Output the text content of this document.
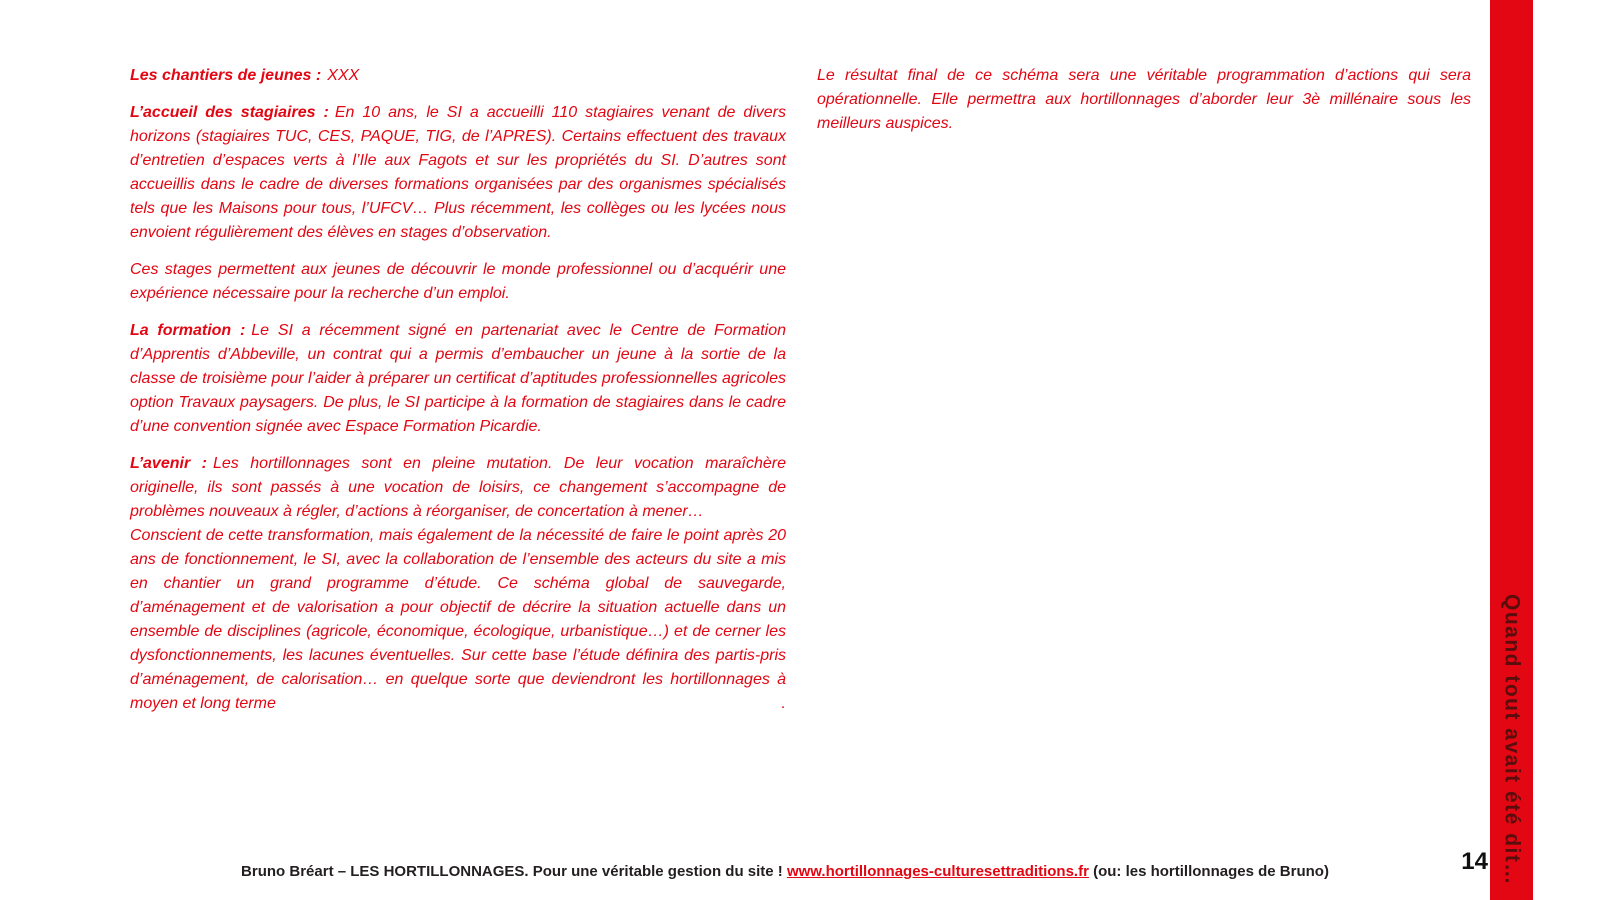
Les chantiers de jeunes : XXX

L’accueil des stagiaires : En 10 ans, le SI a accueilli 110 stagiaires venant de divers horizons (stagiaires TUC, CES, PAQUE, TIG, de l’APRES). Certains effectuent des travaux d’entretien d’espaces verts à l’Ile aux Fagots et sur les propriétés du SI. D’autres sont accueillis dans le cadre de diverses formations organisées par des organismes spécialisés tels que les Maisons pour tous, l’UFCV… Plus récemment, les collèges ou les lycées nous envoient régulièrement des élèves en stages d’observation.

Ces stages permettent aux jeunes de découvrir le monde professionnel ou d’acquérir une expérience nécessaire pour la recherche d’un emploi.

La formation : Le SI a récemment signé en partenariat avec le Centre de Formation d’Apprentis d’Abbeville, un contrat qui a permis d’embaucher un jeune à la sortie de la classe de troisième pour l’aider à préparer un certificat d’aptitudes professionnelles agricoles option Travaux paysagers. De plus, le SI participe à la formation de stagiaires dans le cadre d’une convention signée avec Espace Formation Picardie.

L’avenir : Les hortillonnages sont en pleine mutation. De leur vocation maraîchère originelle, ils sont passés à une vocation de loisirs, ce changement s’accompagne de problèmes nouveaux à régler, d’actions à réorganiser, de concertation à mener…

Conscient de cette transformation, mais également de la nécessité de faire le point après 20 ans de fonctionnement, le SI, avec la collaboration de l’ensemble des acteurs du site a mis en chantier un grand programme d’étude. Ce schéma global de sauvegarde, d’aménagement et de valorisation a pour objectif de décrire la situation actuelle dans un ensemble de disciplines (agricole, économique, écologique, urbanistique…) et de cerner les dysfonctionnements, les lacunes éventuelles. Sur cette base l’étude définira des partis-pris d’aménagement, de calorisation… en quelque sorte que deviendront les hortillonnages à moyen et long terme	.

Le résultat final de ce schéma sera une véritable programmation d’actions qui sera opérationnelle. Elle permettra aux hortillonnages d’aborder leur 3è millénaire sous les meilleurs auspices.

Bruno Bréart – LES HORTILLONNAGES. Pour une véritable gestion du site ! www.hortillonnages-culturesettraditions.fr (ou: les hortillonnages de Bruno)	14 Quand tout avait été dit…
